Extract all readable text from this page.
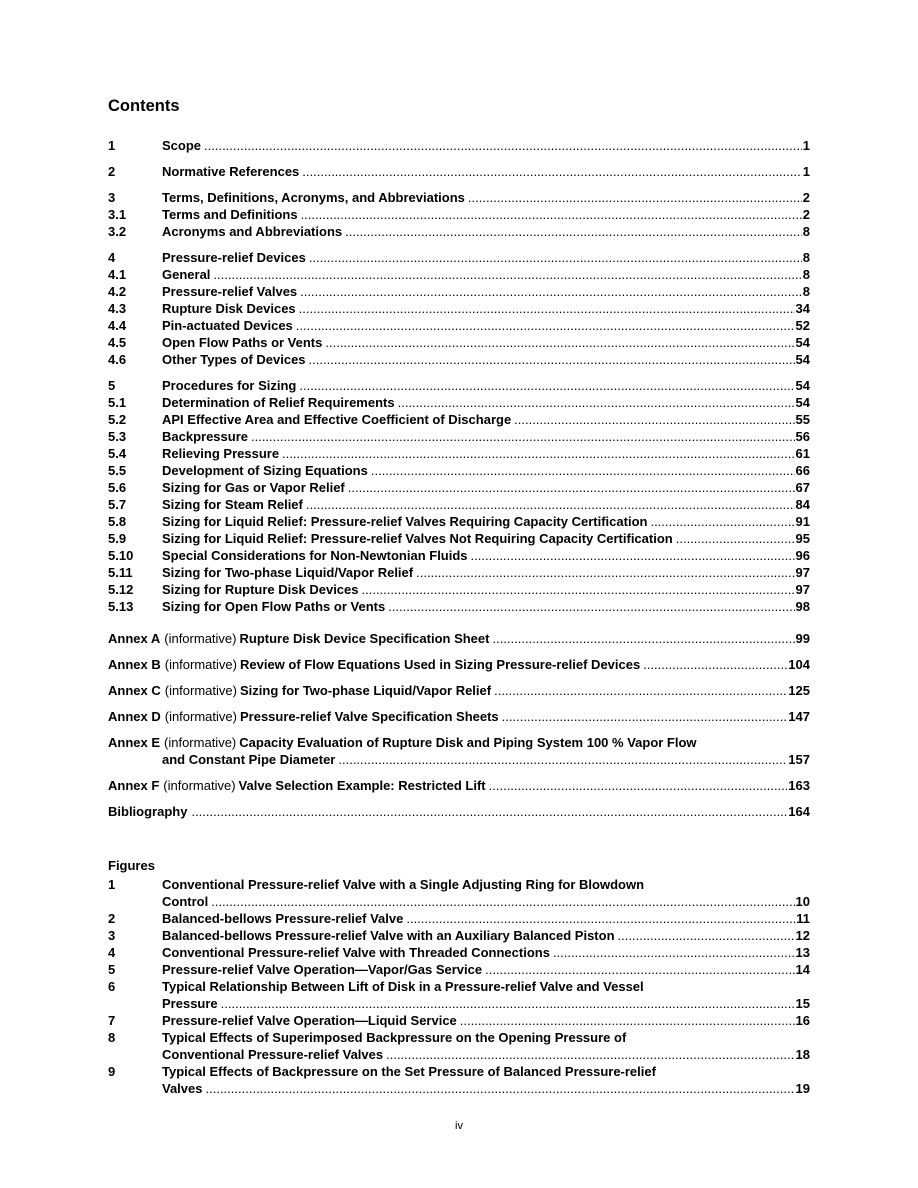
Contents
1	Scope .....	1
2	Normative References .....	1
3	Terms, Definitions, Acronyms, and Abbreviations .....	2
3.1	Terms and Definitions .....	2
3.2	Acronyms and Abbreviations .....	8
4	Pressure-relief Devices .....	8
4.1	General .....	8
4.2	Pressure-relief Valves .....	8
4.3	Rupture Disk Devices .....	34
4.4	Pin-actuated Devices .....	52
4.5	Open Flow Paths or Vents .....	54
4.6	Other Types of Devices .....	54
5	Procedures for Sizing .....	54
5.1	Determination of Relief Requirements .....	54
5.2	API Effective Area and Effective Coefficient of Discharge .....	55
5.3	Backpressure .....	56
5.4	Relieving Pressure .....	61
5.5	Development of Sizing Equations .....	66
5.6	Sizing for Gas or Vapor Relief .....	67
5.7	Sizing for Steam Relief .....	84
5.8	Sizing for Liquid Relief: Pressure-relief Valves Requiring Capacity Certification .....	91
5.9	Sizing for Liquid Relief: Pressure-relief Valves Not Requiring Capacity Certification .....	95
5.10	Special Considerations for Non-Newtonian Fluids .....	96
5.11	Sizing for Two-phase Liquid/Vapor Relief .....	97
5.12	Sizing for Rupture Disk Devices .....	97
5.13	Sizing for Open Flow Paths or Vents .....	98
Annex A (informative) Rupture Disk Device Specification Sheet .....	99
Annex B (informative) Review of Flow Equations Used in Sizing Pressure-relief Devices .....	104
Annex C (informative) Sizing for Two-phase Liquid/Vapor Relief .....	125
Annex D (informative) Pressure-relief Valve Specification Sheets .....	147
Annex E (informative) Capacity Evaluation of Rupture Disk and Piping System 100 % Vapor Flow
and Constant Pipe Diameter .....	157
Annex F (informative) Valve Selection Example: Restricted Lift .....	163
Bibliography .....	164
Figures
1	Conventional Pressure-relief Valve with a Single Adjusting Ring for Blowdown
Control .....	10
2	Balanced-bellows Pressure-relief Valve .....	11
3	Balanced-bellows Pressure-relief Valve with an Auxiliary Balanced Piston .....	12
4	Conventional Pressure-relief Valve with Threaded Connections .....	13
5	Pressure-relief Valve Operation—Vapor/Gas Service .....	14
6	Typical Relationship Between Lift of Disk in a Pressure-relief Valve and Vessel
Pressure .....	15
7	Pressure-relief Valve Operation—Liquid Service .....	16
8	Typical Effects of Superimposed Backpressure on the Opening Pressure of
Conventional Pressure-relief Valves .....	18
9	Typical Effects of Backpressure on the Set Pressure of Balanced Pressure-relief
Valves .....	19
iv
